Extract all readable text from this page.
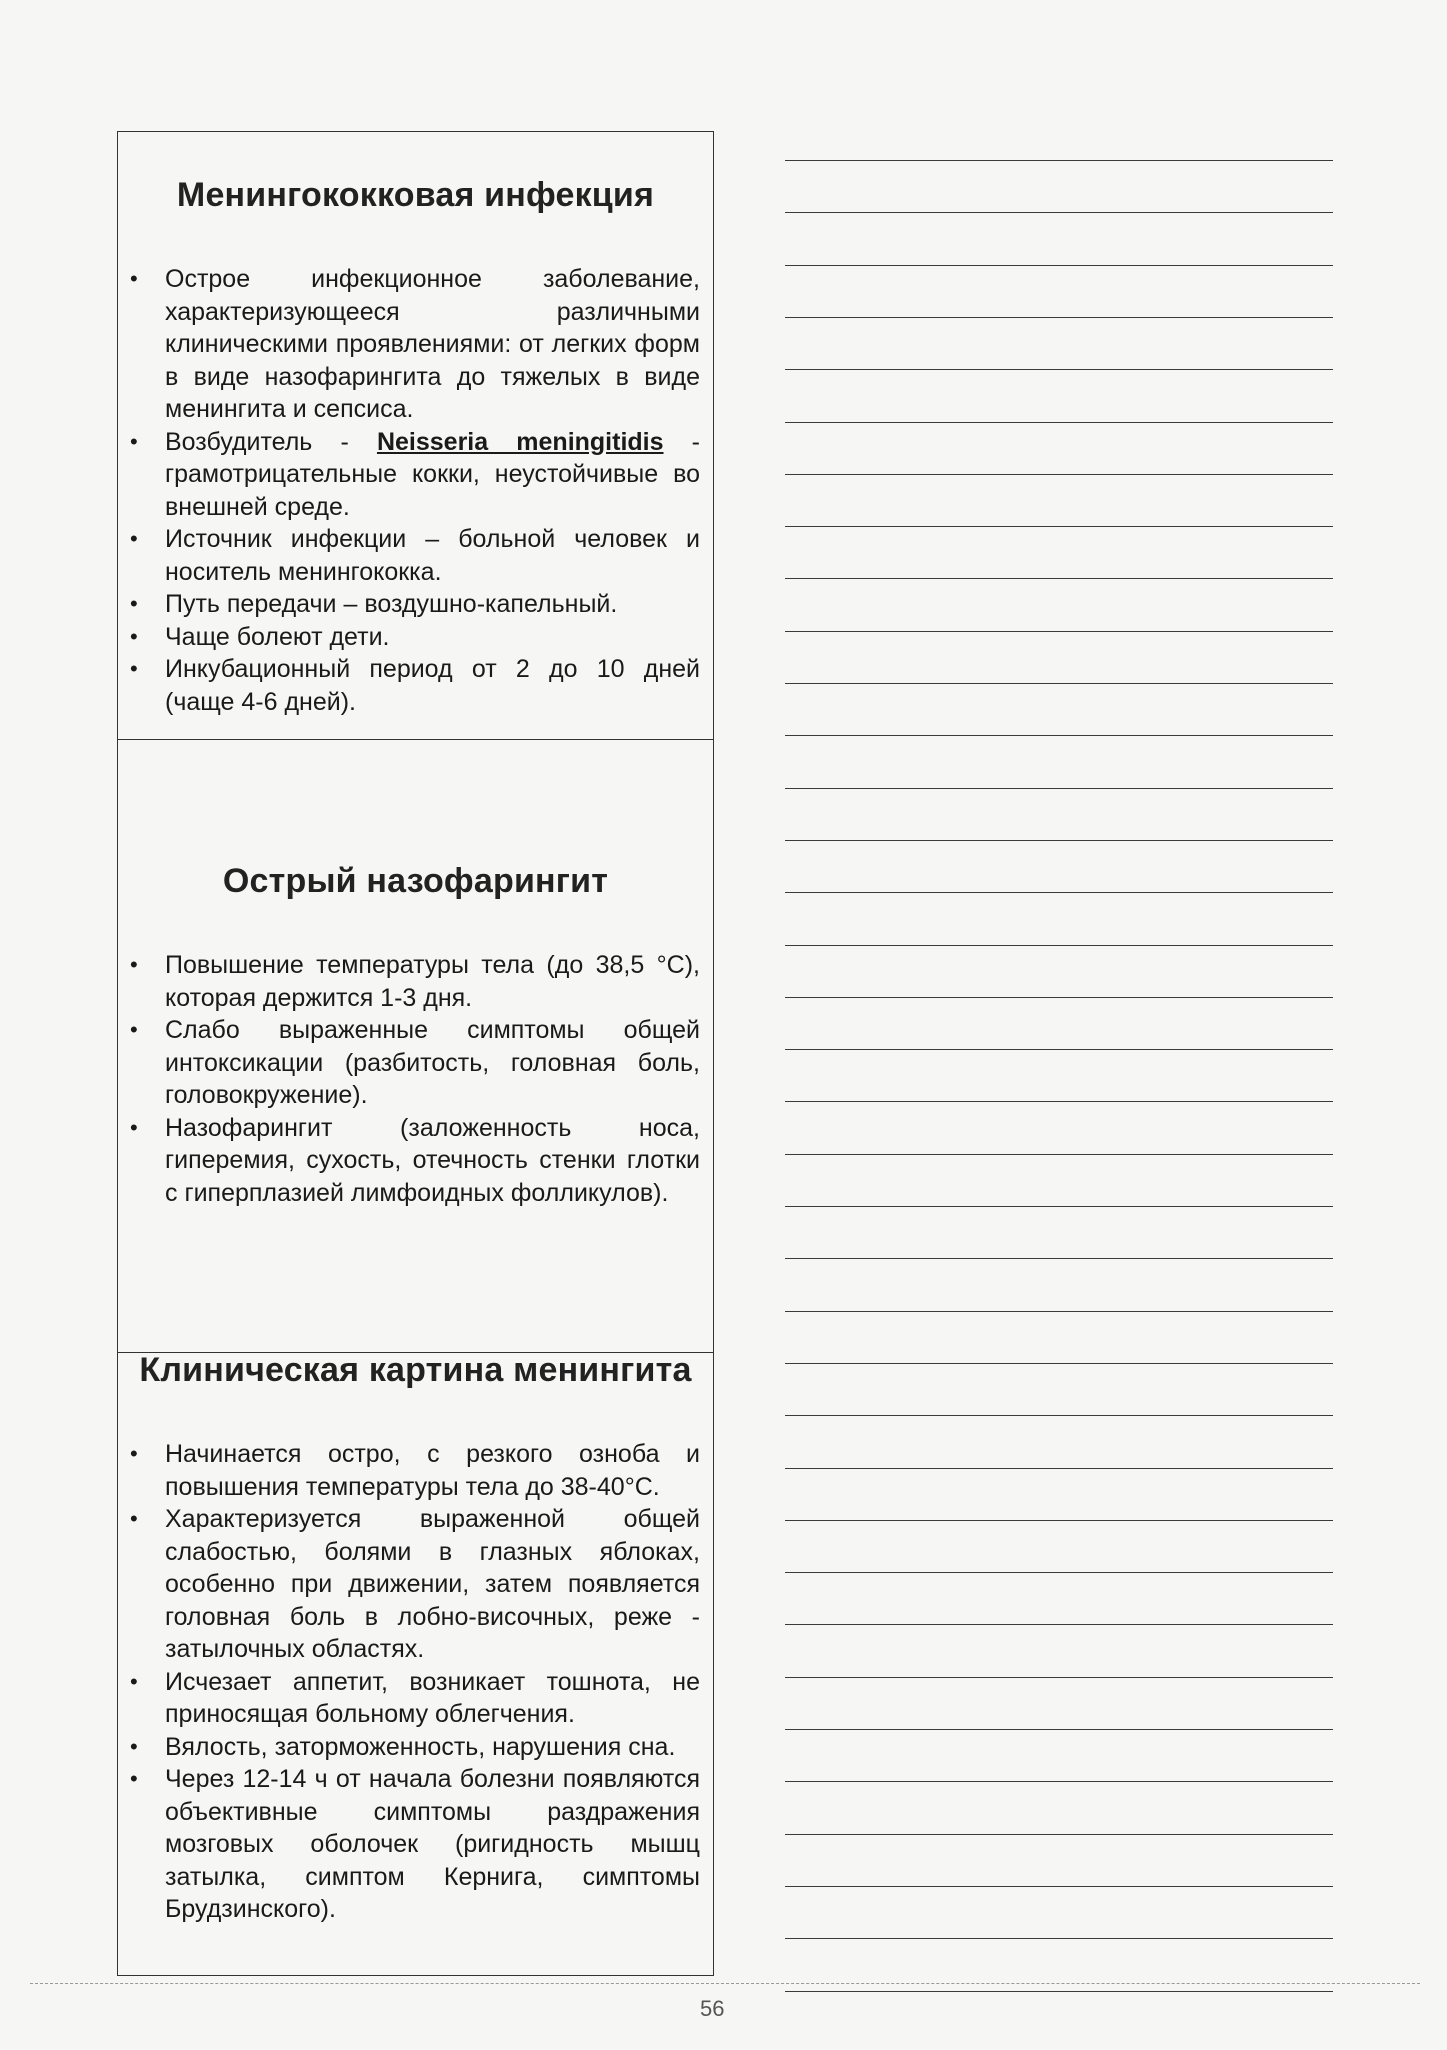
Менингококковая инфекция
• Острое инфекционное заболевание, характеризующееся различными клиническими проявлениями: от легких форм в виде назофарингита до тяжелых в виде менингита и сепсиса.
• Возбудитель - Neisseria meningitidis - грамотрицательные кокки, неустойчивые во внешней среде.
• Источник инфекции – больной человек и носитель менингококка.
• Путь передачи – воздушно-капельный.
• Чаще болеют дети.
• Инкубационный период от 2 до 10 дней (чаще 4-6 дней).
Острый назофарингит
• Повышение температуры тела (до 38,5 °С), которая держится 1-3 дня.
• Слабо выраженные симптомы общей интоксикации (разбитость, головная боль, головокружение).
• Назофарингит (заложенность носа, гиперемия, сухость, отечность стенки глотки с гиперплазией лимфоидных фолликулов).
Клиническая картина менингита
• Начинается остро, с резкого озноба и повышения температуры тела до 38-40°С.
• Характеризуется выраженной общей слабостью, болями в глазных яблоках, особенно при движении, затем появляется головная боль в лобно-височных, реже - затылочных областях.
• Исчезает аппетит, возникает тошнота, не приносящая больному облегчения.
• Вялость, заторможенность, нарушения сна.
• Через 12-14 ч от начала болезни появляются объективные симптомы раздражения мозговых оболочек (ригидность мышц затылка, симптом Кернига, симптомы Брудзинского).
56
